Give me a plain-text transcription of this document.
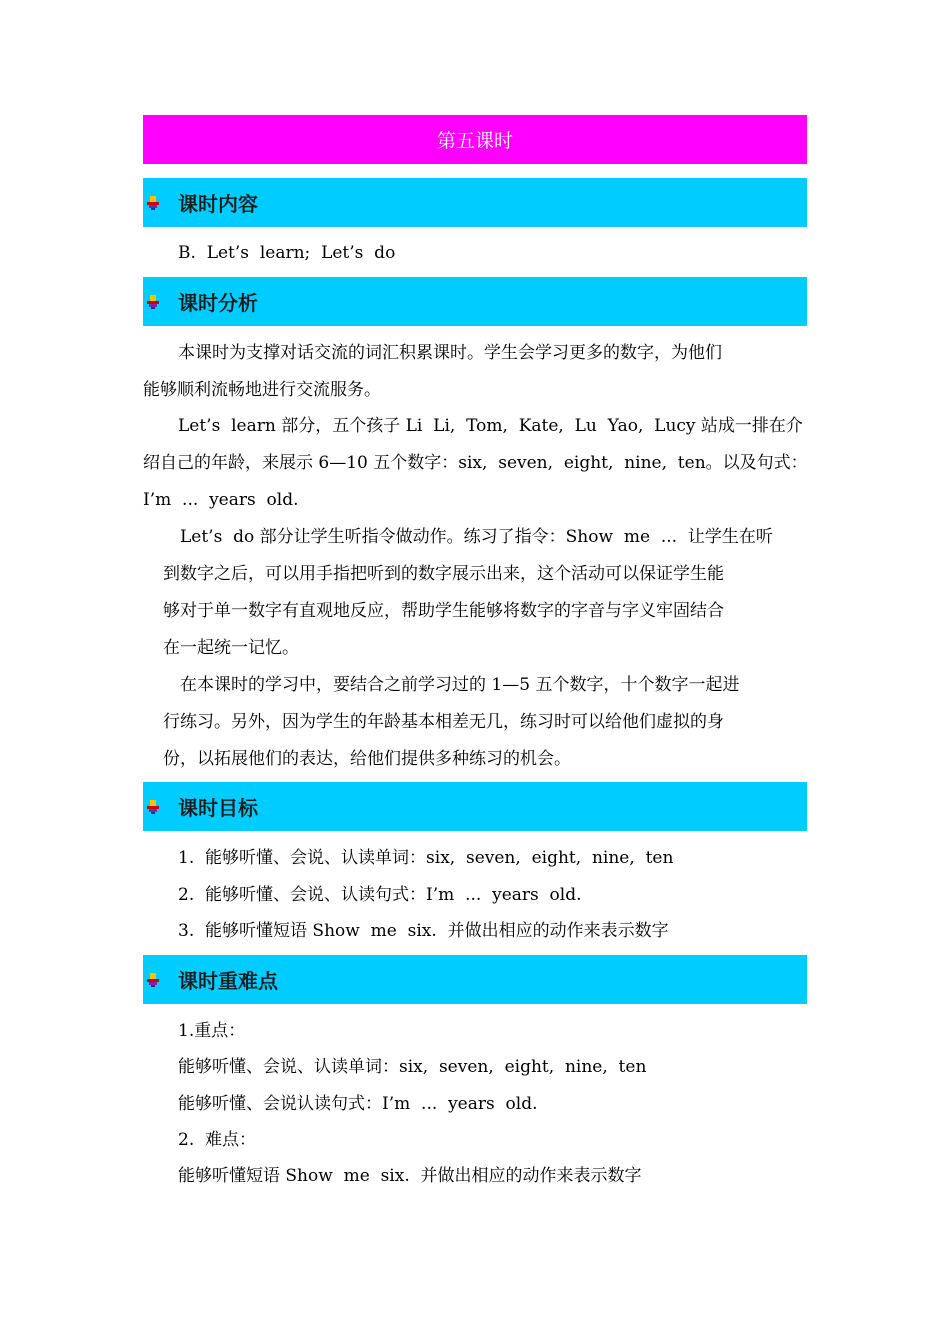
第五课时
课时内容
B.  Let’s  learn;  Let’s  do
课时分析
本课时为支撑对话交流的词汇积累课时。学生会学习更多的数字，为他们
能够顺利流畅地进行交流服务。
Let’s  learn 部分，五个孩子 Li  Li,  Tom,  Kate,  Lu  Yao,  Lucy 站成一排在介
绍自己的年龄，来展示 6—10 五个数字：six,  seven,  eight,  nine,  ten。以及句式：
I’m  ...  years  old.
Let’s  do 部分让学生听指令做动作。练习了指令：Show  me  ...  让学生在听
到数字之后，可以用手指把听到的数字展示出来，这个活动可以保证学生能
够对于单一数字有直观地反应，帮助学生能够将数字的字音与字义牢固结合
在一起统一记忆。
在本课时的学习中，要结合之前学习过的 1—5 五个数字，十个数字一起进
行练习。另外，因为学生的年龄基本相差无几，练习时可以给他们虚拟的身
份，以拓展他们的表达，给他们提供多种练习的机会。
课时目标
1.  能够听懂、会说、认读单词：six,  seven,  eight,  nine,  ten
2.  能够听懂、会说、认读句式：I’m  ...  years  old.
3.  能够听懂短语 Show  me  six.  并做出相应的动作来表示数字
课时重难点
1.重点：
能够听懂、会说、认读单词：six,  seven,  eight,  nine,  ten
能够听懂、会说认读句式：I’m  ...  years  old.
2.  难点：
能够听懂短语 Show  me  six.  并做出相应的动作来表示数字
